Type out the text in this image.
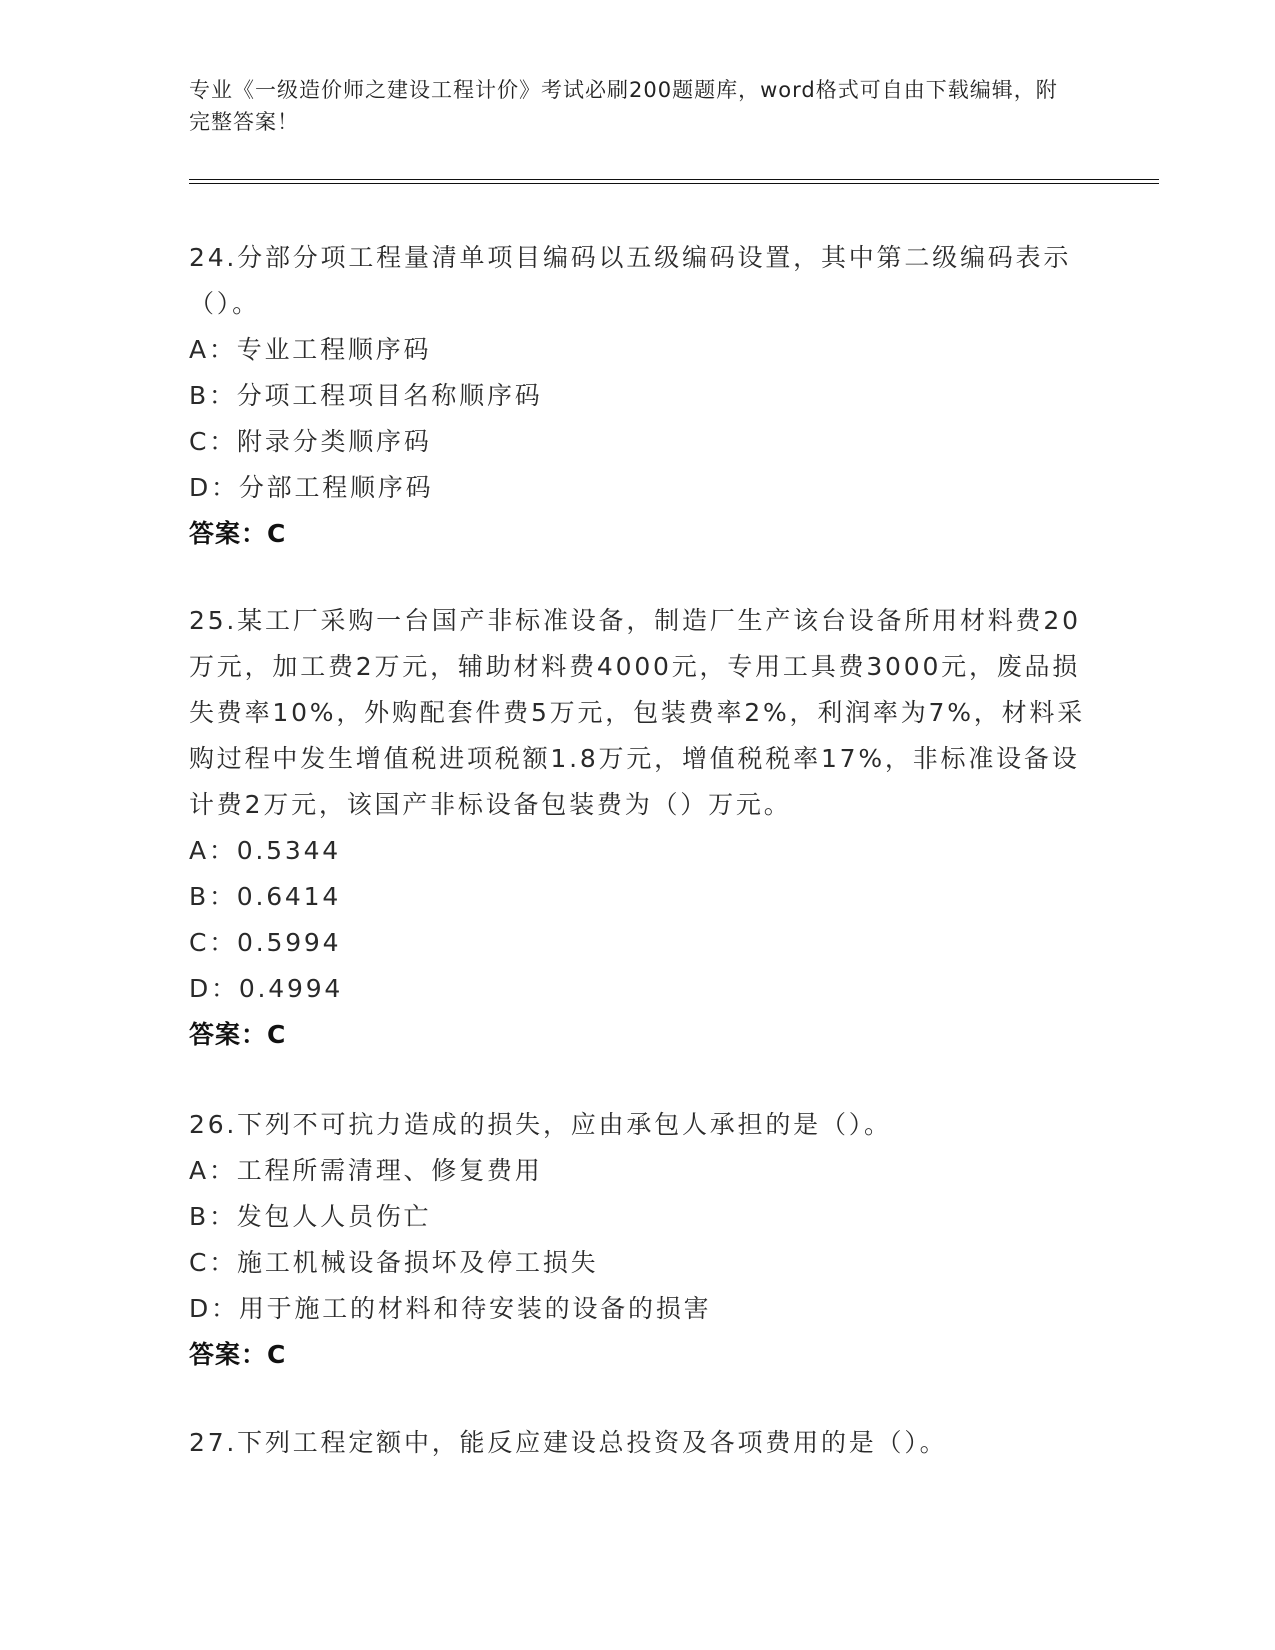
专业《一级造价师之建设工程计价》考试必刷200题题库，word格式可自由下载编辑，附完整答案！

24.分部分项工程量清单项目编码以五级编码设置，其中第二级编码表示（）。

A：专业工程顺序码

B：分项工程项目名称顺序码

C：附录分类顺序码

D：分部工程顺序码

答案：C

25.某工厂采购一台国产非标准设备，制造厂生产该台设备所用材料费20万元，加工费2万元，辅助材料费4000元，专用工具费3000元，废品损失费率10%，外购配套件费5万元，包装费率2%，利润率为7%，材料采购过程中发生增值税进项税额1.8万元，增值税税率17%，非标准设备设计费2万元，该国产非标设备包装费为（）万元。

A：0.5344

B：0.6414

C：0.5994

D：0.4994

答案：C

26.下列不可抗力造成的损失，应由承包人承担的是（）。

A：工程所需清理、修复费用

B：发包人人员伤亡

C：施工机械设备损坏及停工损失

D：用于施工的材料和待安装的设备的损害

答案：C

27.下列工程定额中，能反应建设总投资及各项费用的是（）。
